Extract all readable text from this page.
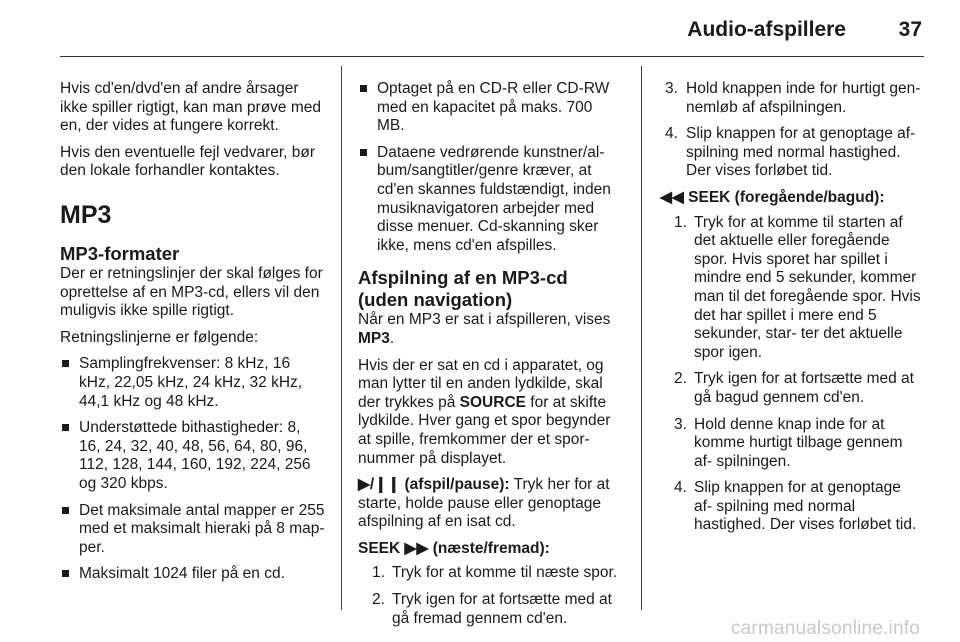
Audio-afspillere	37

Hvis cd'en/dvd'en af andre årsager ikke spiller rigtigt, kan man prøve med en, der vides at fungere korrekt.

Hvis den eventuelle fejl vedvarer, bør den lokale forhandler kontaktes.

MP3
MP3-formater

Der er retningslinjer der skal følges for oprettelse af en MP3-cd, ellers vil den muligvis ikke spille rigtigt.

Retningslinjerne er følgende:

Samplingfrekvenser: 8 kHz, 16 kHz, 22,05 kHz, 24 kHz, 32 kHz, 44,1 kHz og 48 kHz.
Understøttede bithastigheder: 8, 16, 24, 32, 40, 48, 56, 64, 80, 96, 112, 128, 144, 160, 192, 224, 256 og 320 kbps.
Det maksimale antal mapper er 255 med et maksimalt hieraki på 8 map- per.
Maksimalt 1024 filer på en cd.
Optaget på en CD-R eller CD-RW med en kapacitet på maks. 700 MB.
Dataene vedrørende kunstner/al- bum/sangtitler/genre kræver, at cd'en skannes fuldstændigt, inden musiknavigatoren arbejder med disse menuer. Cd-skanning sker ikke, mens cd'en afspilles.
Afspilning af en MP3-cd (uden navigation)

Når en MP3 er sat i afspilleren, vises MP3.

Hvis der er sat en cd i apparatet, og man lytter til en anden lydkilde, skal der trykkes på SOURCE for at skifte lydkilde. Hver gang et spor begynder at spille, fremkommer der et spor- nummer på displayet.

▶/❙❙ (afspil/pause): Tryk her for at starte, holde pause eller genoptage afspilning af en isat cd.

SEEK ▶▶ (næste/fremad):

1. Tryk for at komme til næste spor.
2. Tryk igen for at fortsætte med at gå fremad gennem cd'en.
3. Hold knappen inde for hurtigt gen- nemløb af afspilningen.
4. Slip knappen for at genoptage af- spilning med normal hastighed. Der vises forløbet tid.

◀◀ SEEK (foregående/bagud):

1. Tryk for at komme til starten af det aktuelle eller foregående spor. Hvis sporet har spillet i mindre end 5 sekunder, kommer man til det foregående spor. Hvis det har spillet i mere end 5 sekunder, star- ter det aktuelle spor igen.
2. Tryk igen for at fortsætte med at gå bagud gennem cd'en.
3. Hold denne knap inde for at komme hurtigt tilbage gennem af- spilningen.
4. Slip knappen for at genoptage af- spilning med normal hastighed. Der vises forløbet tid.
carmanualsonline.info
